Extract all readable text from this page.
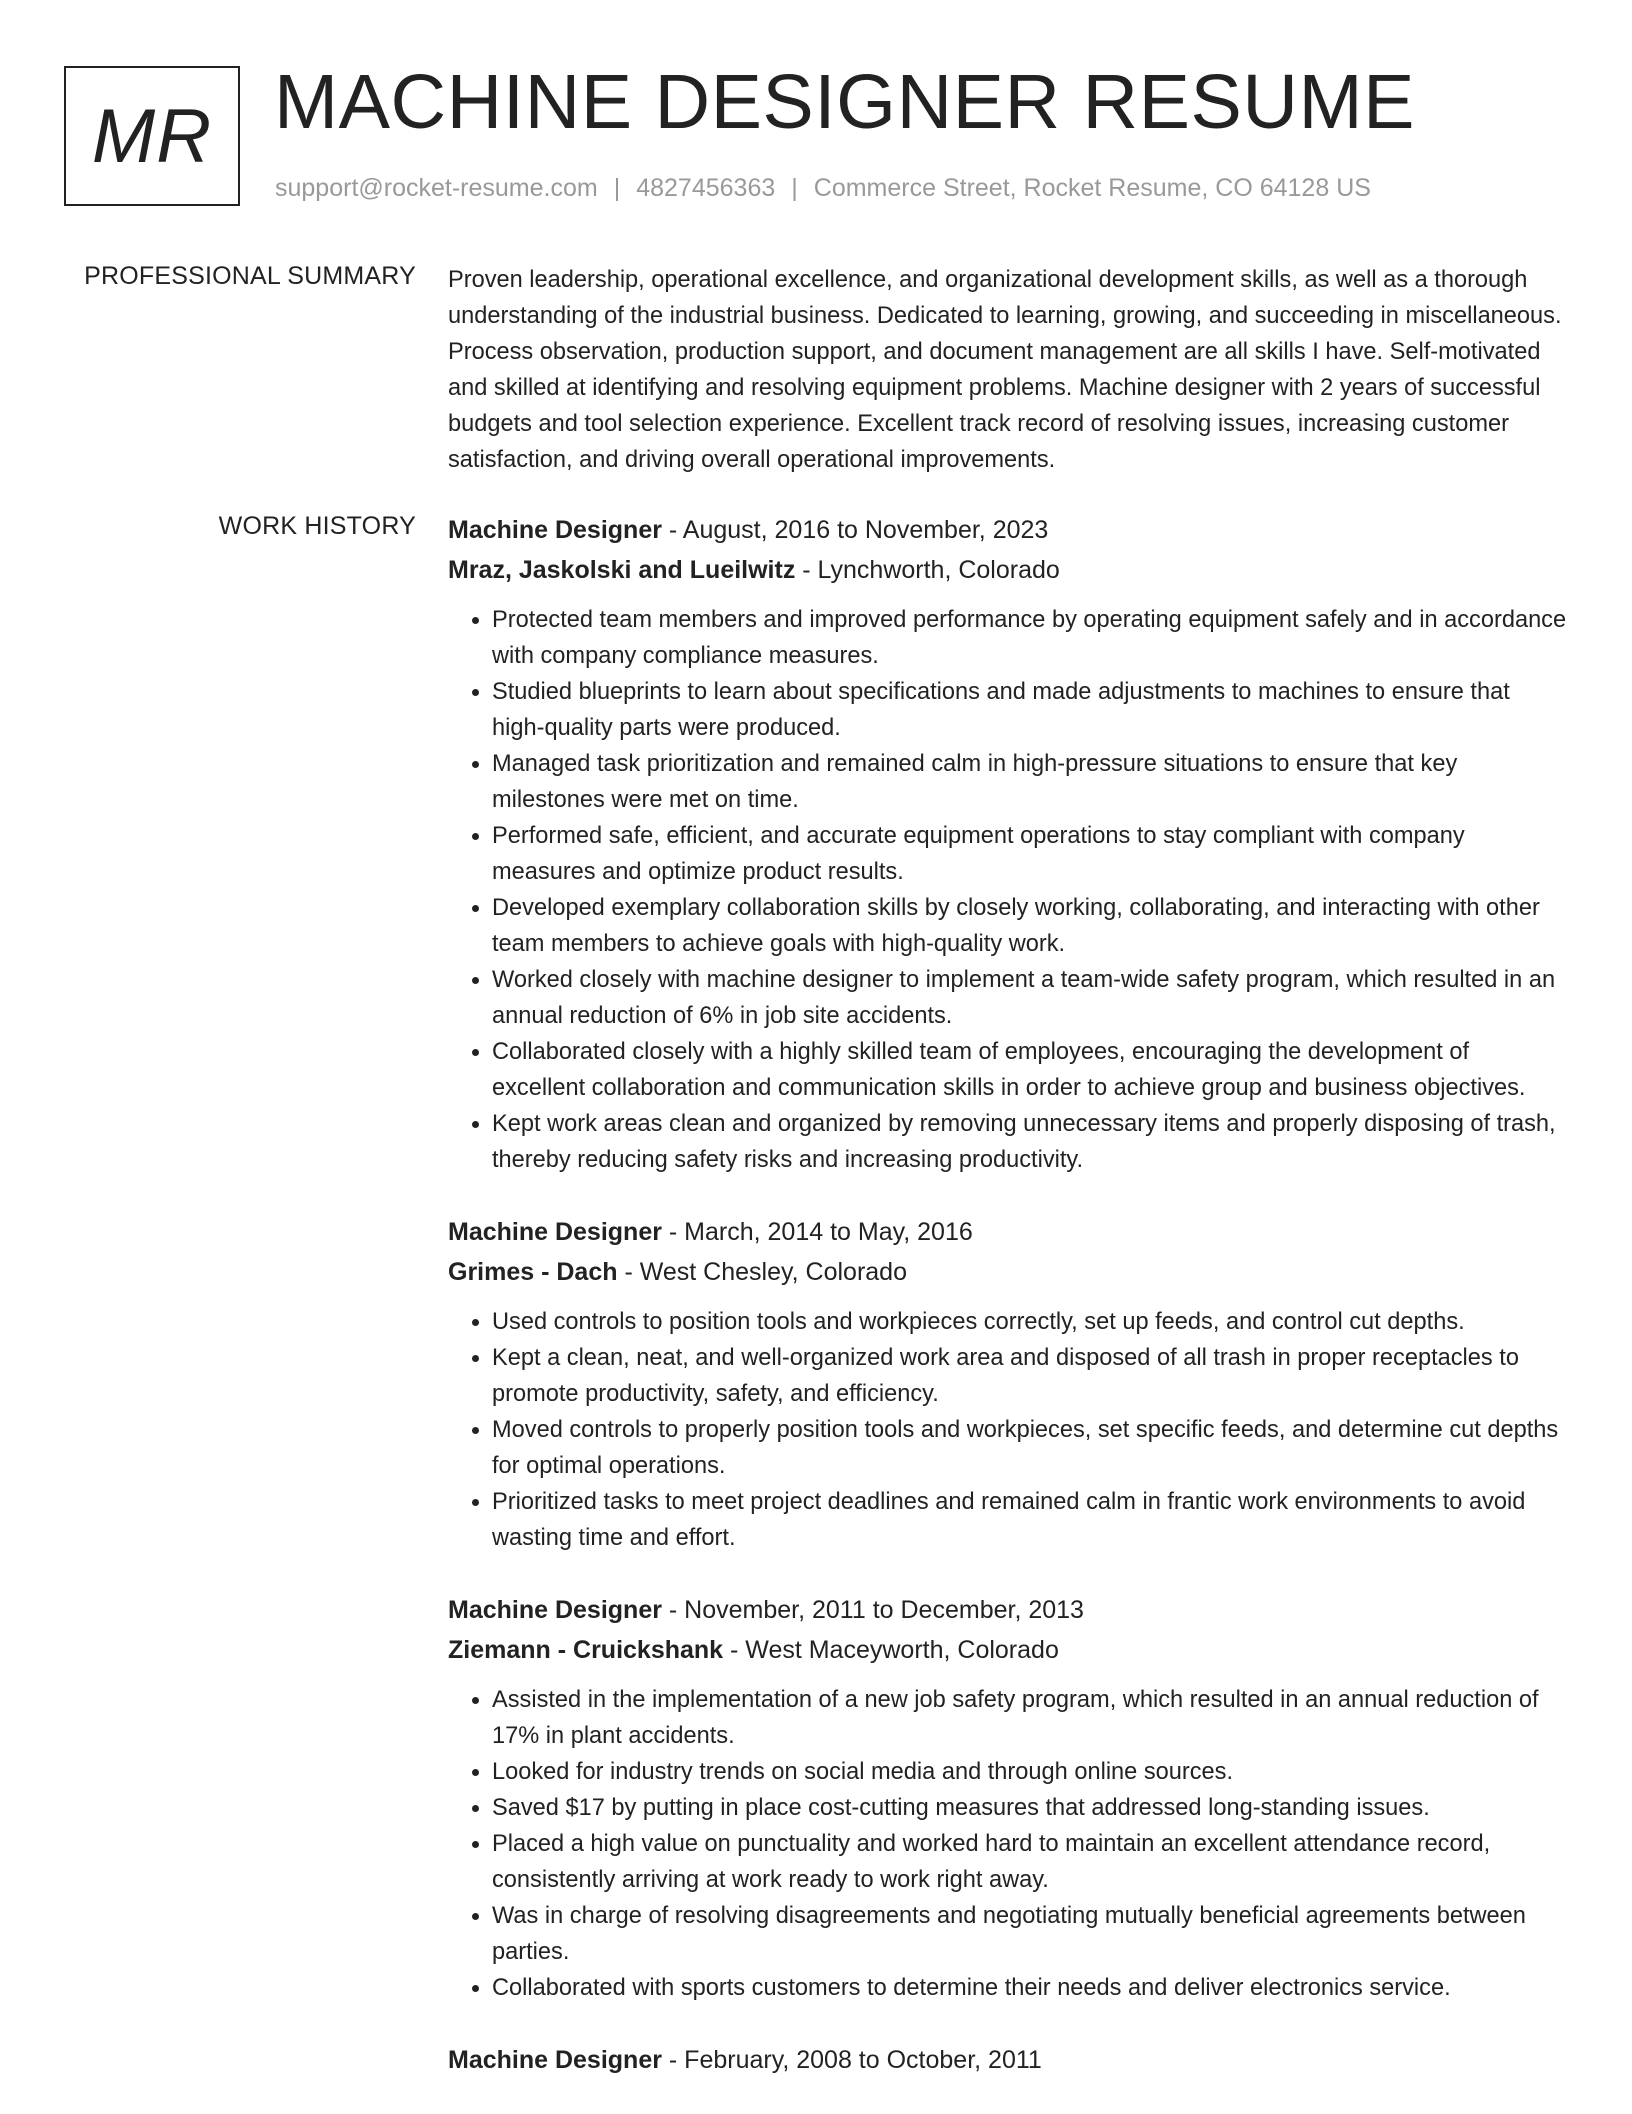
MR MACHINE DESIGNER RESUME
support@rocket-resume.com | 4827456363 | Commerce Street, Rocket Resume, CO 64128 US
PROFESSIONAL SUMMARY Proven leadership, operational excellence, and organizational development skills, as well as a thorough understanding of the industrial business. Dedicated to learning, growing, and succeeding in miscellaneous. Process observation, production support, and document management are all skills I have. Self-motivated and skilled at identifying and resolving equipment problems. Machine designer with 2 years of successful budgets and tool selection experience. Excellent track record of resolving issues, increasing customer satisfaction, and driving overall operational improvements.

WORK HISTORY Machine Designer - August, 2016 to November, 2023
Mraz, Jaskolski and Lueilwitz - Lynchworth, Colorado
• Protected team members and improved performance by operating equipment safely and in accordance with company compliance measures.
• Studied blueprints to learn about specifications and made adjustments to machines to ensure that high-quality parts were produced.
• Managed task prioritization and remained calm in high-pressure situations to ensure that key milestones were met on time.
• Performed safe, efficient, and accurate equipment operations to stay compliant with company measures and optimize product results.
• Developed exemplary collaboration skills by closely working, collaborating, and interacting with other team members to achieve goals with high-quality work.
• Worked closely with machine designer to implement a team-wide safety program, which resulted in an annual reduction of 6% in job site accidents.
• Collaborated closely with a highly skilled team of employees, encouraging the development of excellent collaboration and communication skills in order to achieve group and business objectives.
• Kept work areas clean and organized by removing unnecessary items and properly disposing of trash, thereby reducing safety risks and increasing productivity.
Machine Designer - March, 2014 to May, 2016
Grimes - Dach - West Chesley, Colorado
• Used controls to position tools and workpieces correctly, set up feeds, and control cut depths.
• Kept a clean, neat, and well-organized work area and disposed of all trash in proper receptacles to promote productivity, safety, and efficiency.
• Moved controls to properly position tools and workpieces, set specific feeds, and determine cut depths for optimal operations.
• Prioritized tasks to meet project deadlines and remained calm in frantic work environments to avoid wasting time and effort.
Machine Designer - November, 2011 to December, 2013
Ziemann - Cruickshank - West Maceyworth, Colorado
• Assisted in the implementation of a new job safety program, which resulted in an annual reduction of 17% in plant accidents.
• Looked for industry trends on social media and through online sources.
• Saved $17 by putting in place cost-cutting measures that addressed long-standing issues.
• Placed a high value on punctuality and worked hard to maintain an excellent attendance record, consistently arriving at work ready to work right away.
• Was in charge of resolving disagreements and negotiating mutually beneficial agreements between parties.
• Collaborated with sports customers to determine their needs and deliver electronics service.
Machine Designer - February, 2008 to October, 2011
